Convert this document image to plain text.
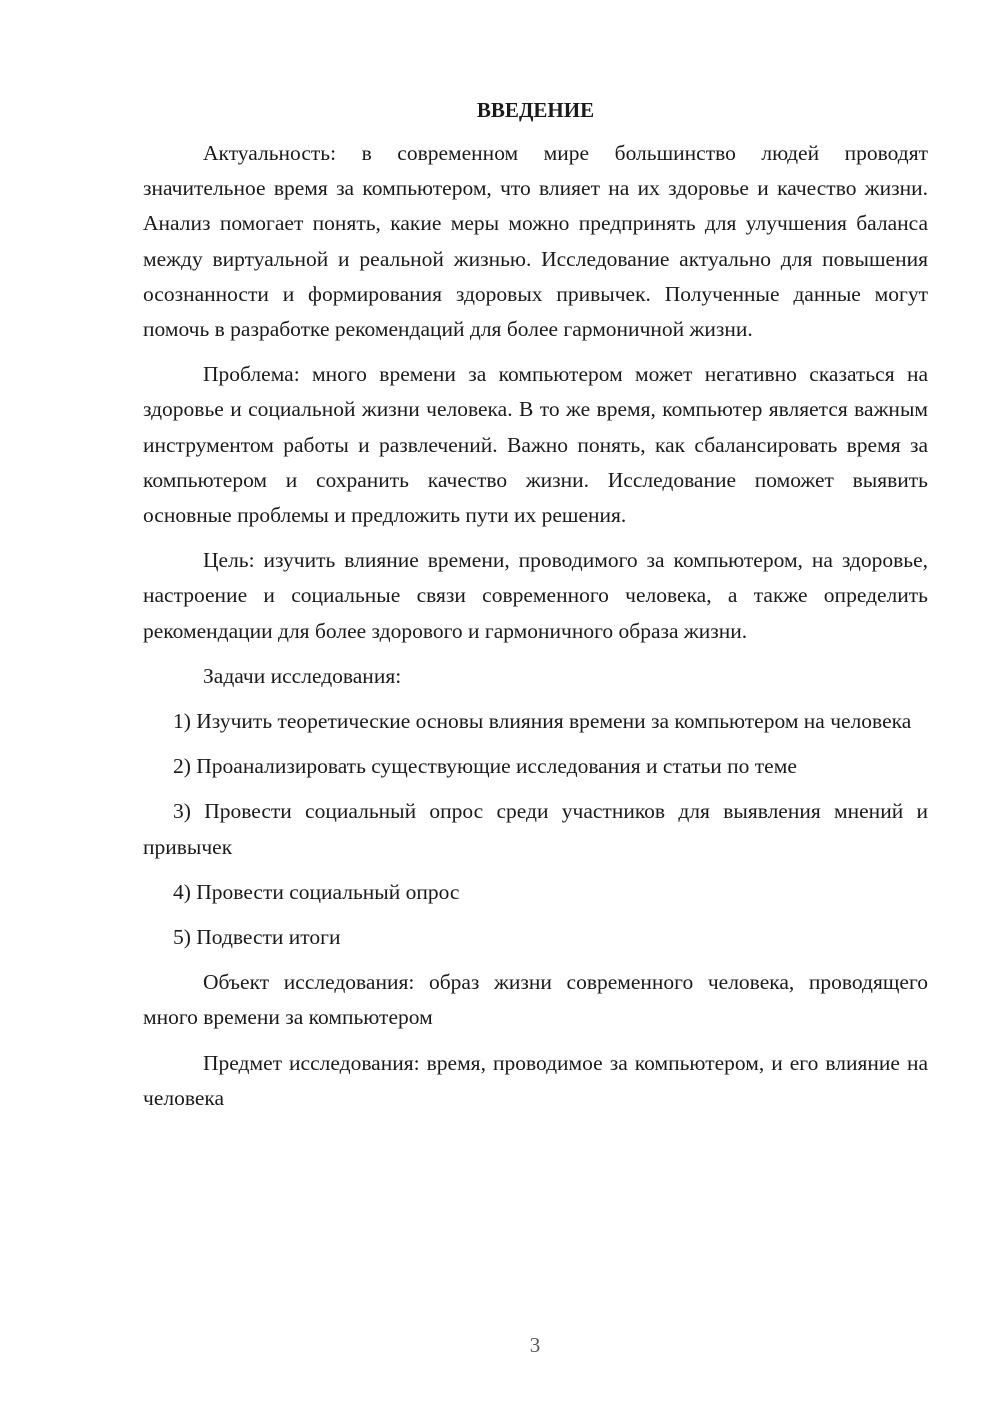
ВВЕДЕНИЕ

Актуальность: в современном мире большинство людей проводят значительное время за компьютером, что влияет на их здоровье и качество жизни. Анализ помогает понять, какие меры можно предпринять для улучшения баланса между виртуальной и реальной жизнью. Исследование актуально для повышения осознанности и формирования здоровых привычек. Полученные данные могут помочь в разработке рекомендаций для более гармоничной жизни.

Проблема: много времени за компьютером может негативно сказаться на здоровье и социальной жизни человека. В то же время, компьютер является важным инструментом работы и развлечений. Важно понять, как сбалансировать время за компьютером и сохранить качество жизни. Исследование поможет выявить основные проблемы и предложить пути их решения.

Цель: изучить влияние времени, проводимого за компьютером, на здоровье, настроение и социальные связи современного человека, а также определить рекомендации для более здорового и гармоничного образа жизни.

Задачи исследования:

1) Изучить теоретические основы влияния времени за компьютером на человека

2) Проанализировать существующие исследования и статьи по теме

3) Провести социальный опрос среди участников для выявления мнений и привычек

4) Провести социальный опрос

5) Подвести итоги

Объект исследования: образ жизни современного человека, проводящего много времени за компьютером

Предмет исследования: время, проводимое за компьютером, и его влияние на человека

3
